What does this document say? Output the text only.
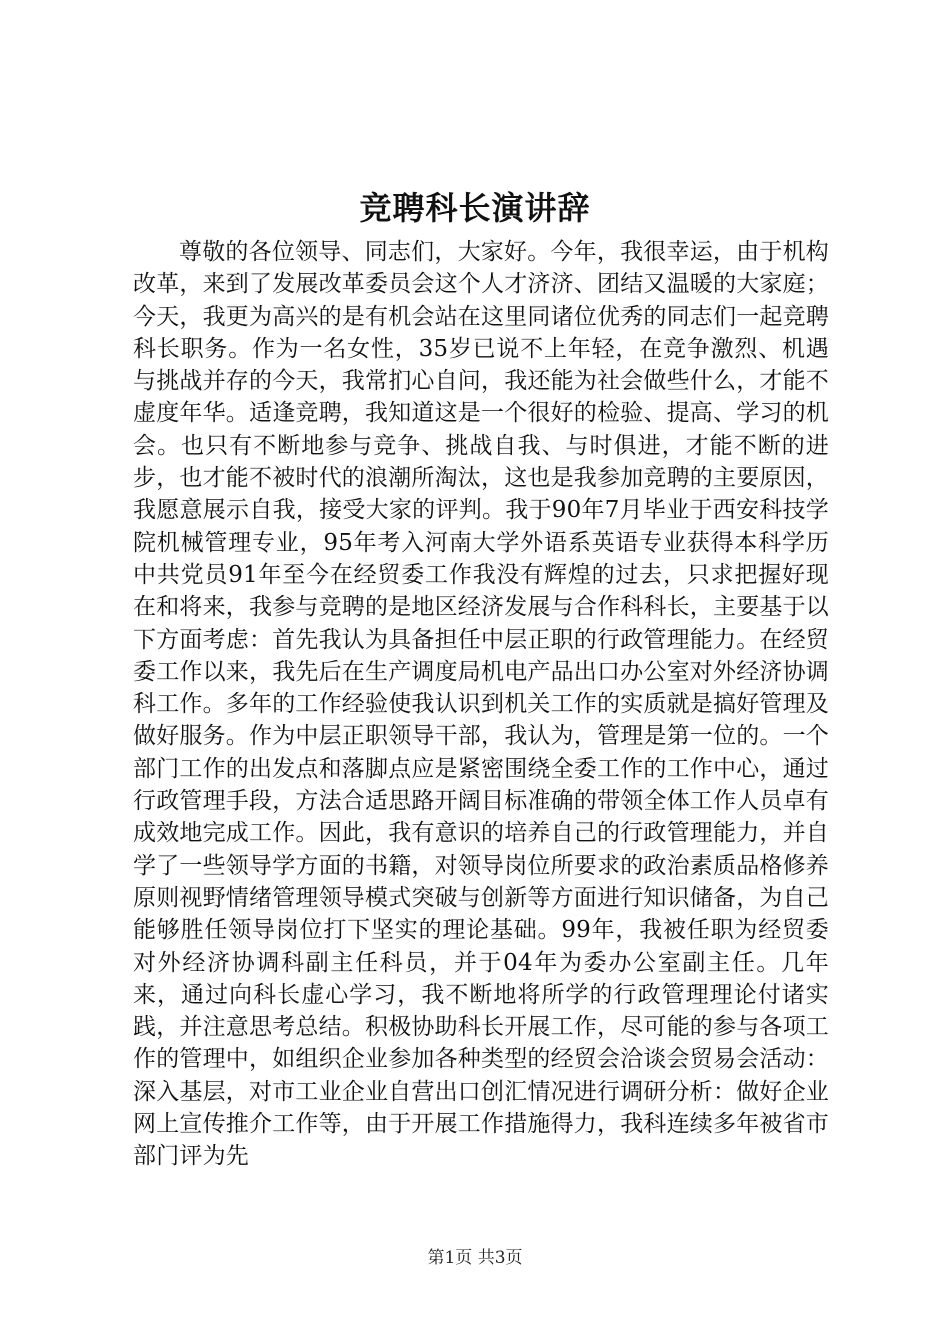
竞聘科长演讲辞

尊敬的各位领导、同志们，大家好。今年，我很幸运，由于机构改革，来到了发展改革委员会这个人才济济、团结又温暖的大家庭；今天，我更为高兴的是有机会站在这里同诸位优秀的同志们一起竞聘科长职务。作为一名女性，35岁已说不上年轻，在竞争激烈、机遇与挑战并存的今天，我常扪心自问，我还能为社会做些什么，才能不虚度年华。适逢竞聘，我知道这是一个很好的检验、提高、学习的机会。也只有不断地参与竞争、挑战自我、与时俱进，才能不断的进步，也才能不被时代的浪潮所淘汰，这也是我参加竞聘的主要原因，我愿意展示自我，接受大家的评判。我于90年7月毕业于西安科技学院机械管理专业，95年考入河南大学外语系英语专业获得本科学历中共党员91年至今在经贸委工作我没有辉煌的过去，只求把握好现在和将来，我参与竞聘的是地区经济发展与合作科科长，主要基于以下方面考虑：首先我认为具备担任中层正职的行政管理能力。在经贸委工作以来，我先后在生产调度局机电产品出口办公室对外经济协调科工作。多年的工作经验使我认识到机关工作的实质就是搞好管理及做好服务。作为中层正职领导干部，我认为，管理是第一位的。一个部门工作的出发点和落脚点应是紧密围绕全委工作的工作中心，通过行政管理手段，方法合适思路开阔目标准确的带领全体工作人员卓有成效地完成工作。因此，我有意识的培养自己的行政管理能力，并自学了一些领导学方面的书籍，对领导岗位所要求的政治素质品格修养原则视野情绪管理领导模式突破与创新等方面进行知识储备，为自己能够胜任领导岗位打下坚实的理论基础。99年，我被任职为经贸委对外经济协调科副主任科员，并于04年为委办公室副主任。几年来，通过向科长虚心学习，我不断地将所学的行政管理理论付诸实践，并注意思考总结。积极协助科长开展工作，尽可能的参与各项工作的管理中，如组织企业参加各种类型的经贸会洽谈会贸易会活动：深入基层，对市工业企业自营出口创汇情况进行调研分析：做好企业网上宣传推介工作等，由于开展工作措施得力，我科连续多年被省市部门评为先

第1页 共3页
